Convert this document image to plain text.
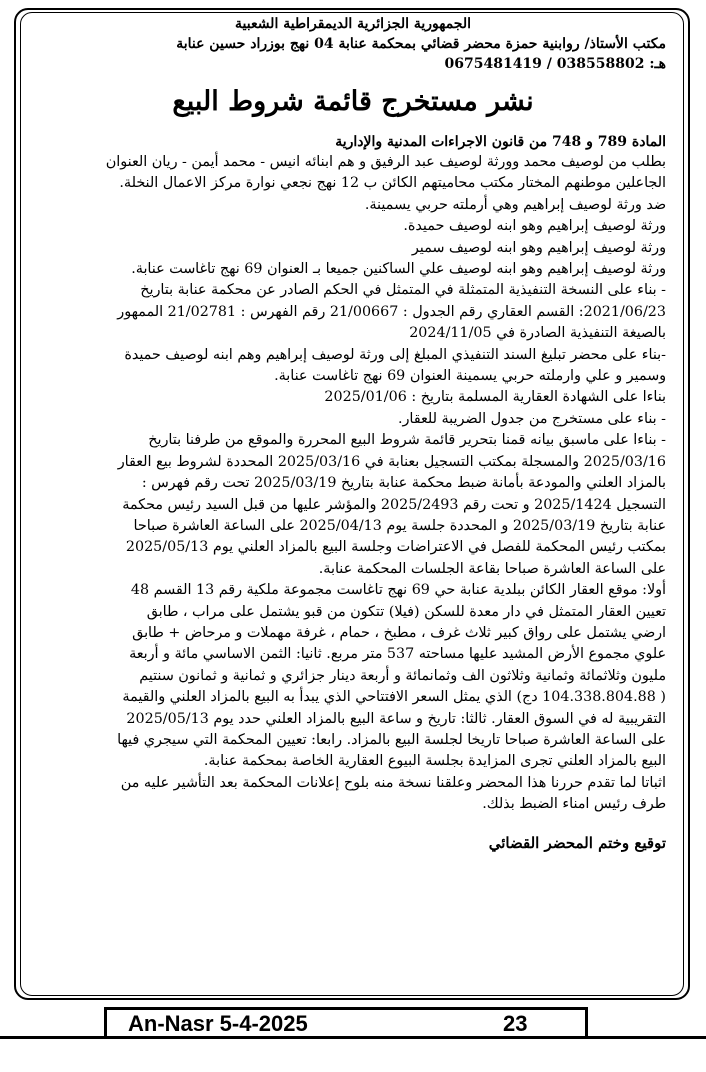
الجمهورية الجزائرية الديمقراطية الشعبية
مكتب الأستاذ/ روابنية حمزة محضر قضائي بمحكمة عنابة 04 نهج بوزراد حسين عنابة
هـ: 038558802 / 0675481419
نشر مستخرج قائمة شروط البيع
المادة 789 و 748 من قانون الاجراءات المدنية والإدارية
بطلب من لوصيف محمد وورثة لوصيف عبد الرفيق و هم ابنائه انيس - محمد أيمن - ريان العنوان
الجاعلين موطنهم المختار مكتب محاميتهم الكائن ب 12 نهج نجعي نوارة مركز الاعمال النخلة.
ضد ورثة لوصيف إبراهيم وهي أرملته حربي يسمينة.
ورثة لوصيف إبراهيم وهو ابنه لوصيف حميدة.
ورثة لوصيف إبراهيم وهو ابنه لوصيف سمير
ورثة لوصيف إبراهيم وهو ابنه لوصيف علي الساكنين جميعا بـ العنوان 69 نهج تاغاست عنابة.
- بناء على النسخة التنفيذية المتمثلة في المتمثل في الحكم الصادر عن محكمة عنابة بتاريخ
2021/06/23: القسم العقاري رقم الجدول : 21/00667 رقم الفهرس : 21/02781 الممهور
بالصيغة التنفيذية الصادرة في 2024/11/05
-بناء على محضر تبليغ السند التنفيذي المبلغ إلى ورثة لوصيف إبراهيم وهم ابنه لوصيف حميدة
وسمير و علي وارملته حربي يسمينة العنوان 69 نهج تاغاست عنابة.
بناءا على الشهادة العقارية المسلمة بتاريخ : 2025/01/06
- بناء على مستخرج من جدول الضريبة للعقار.
- بناءا على ماسبق بيانه قمنا بتحرير قائمة شروط البيع المحررة والموقع من طرفنا بتاريخ
2025/03/16 والمسجلة بمكتب التسجيل بعنابة في 2025/03/16 المحددة لشروط بيع العقار
بالمزاد العلني والمودعة بأمانة ضبط محكمة عنابة بتاريخ 2025/03/19 تحت رقم فهرس :
التسجيل 2025/1424 و تحت رقم 2025/2493 والمؤشر عليها من قبل السيد رئيس محكمة
عنابة بتاريخ 2025/03/19 و المحددة جلسة يوم 2025/04/13 على الساعة العاشرة صباحا
بمكتب رئيس المحكمة للفصل في الاعتراضات وجلسة البيع بالمزاد العلني يوم 2025/05/13
على الساعة العاشرة صباحا بقاعة الجلسات المحكمة عنابة.
أولا: موقع العقار الكائن ببلدية عنابة حي 69 نهج تاغاست مجموعة ملكية رقم 13 القسم 48
تعيين العقار المتمثل في دار معدة للسكن (فيلا) تتكون من قبو يشتمل على مراب ، طابق
ارضي يشتمل على رواق كبير ثلاث غرف ، مطبخ ، حمام ، غرفة مهملات و مرحاض + طابق
علوي مجموع الأرض المشيد عليها مساحته 537 متر مربع. ثانيا: الثمن الاساسي مائة و أربعة
مليون وثلاثمائة وثمانية وثلاثون الف وثمانمائة و أربعة دينار جزائري و ثمانية و ثمانون سنتيم
( 104.338.804.88 دج) الذي يمثل السعر الافتتاحي الذي يبدأ به البيع بالمزاد العلني والقيمة
التقريبية له في السوق العقار. ثالثا: تاريخ و ساعة البيع بالمزاد العلني حدد يوم 2025/05/13
على الساعة العاشرة صباحا تاريخا لجلسة البيع بالمزاد. رابعا: تعيين المحكمة التي سيجري فيها
البيع بالمزاد العلني تجرى المزايدة بجلسة البيوع العقارية الخاصة بمحكمة عنابة.
اثباتا لما تقدم حررنا هذا المحضر وعلقنا نسخة منه بلوح إعلانات المحكمة بعد التأشير عليه من
طرف رئيس امناء الضبط بذلك.
توقيع وختم المحضر القضائي
An-Nasr 5-4-2025	23
